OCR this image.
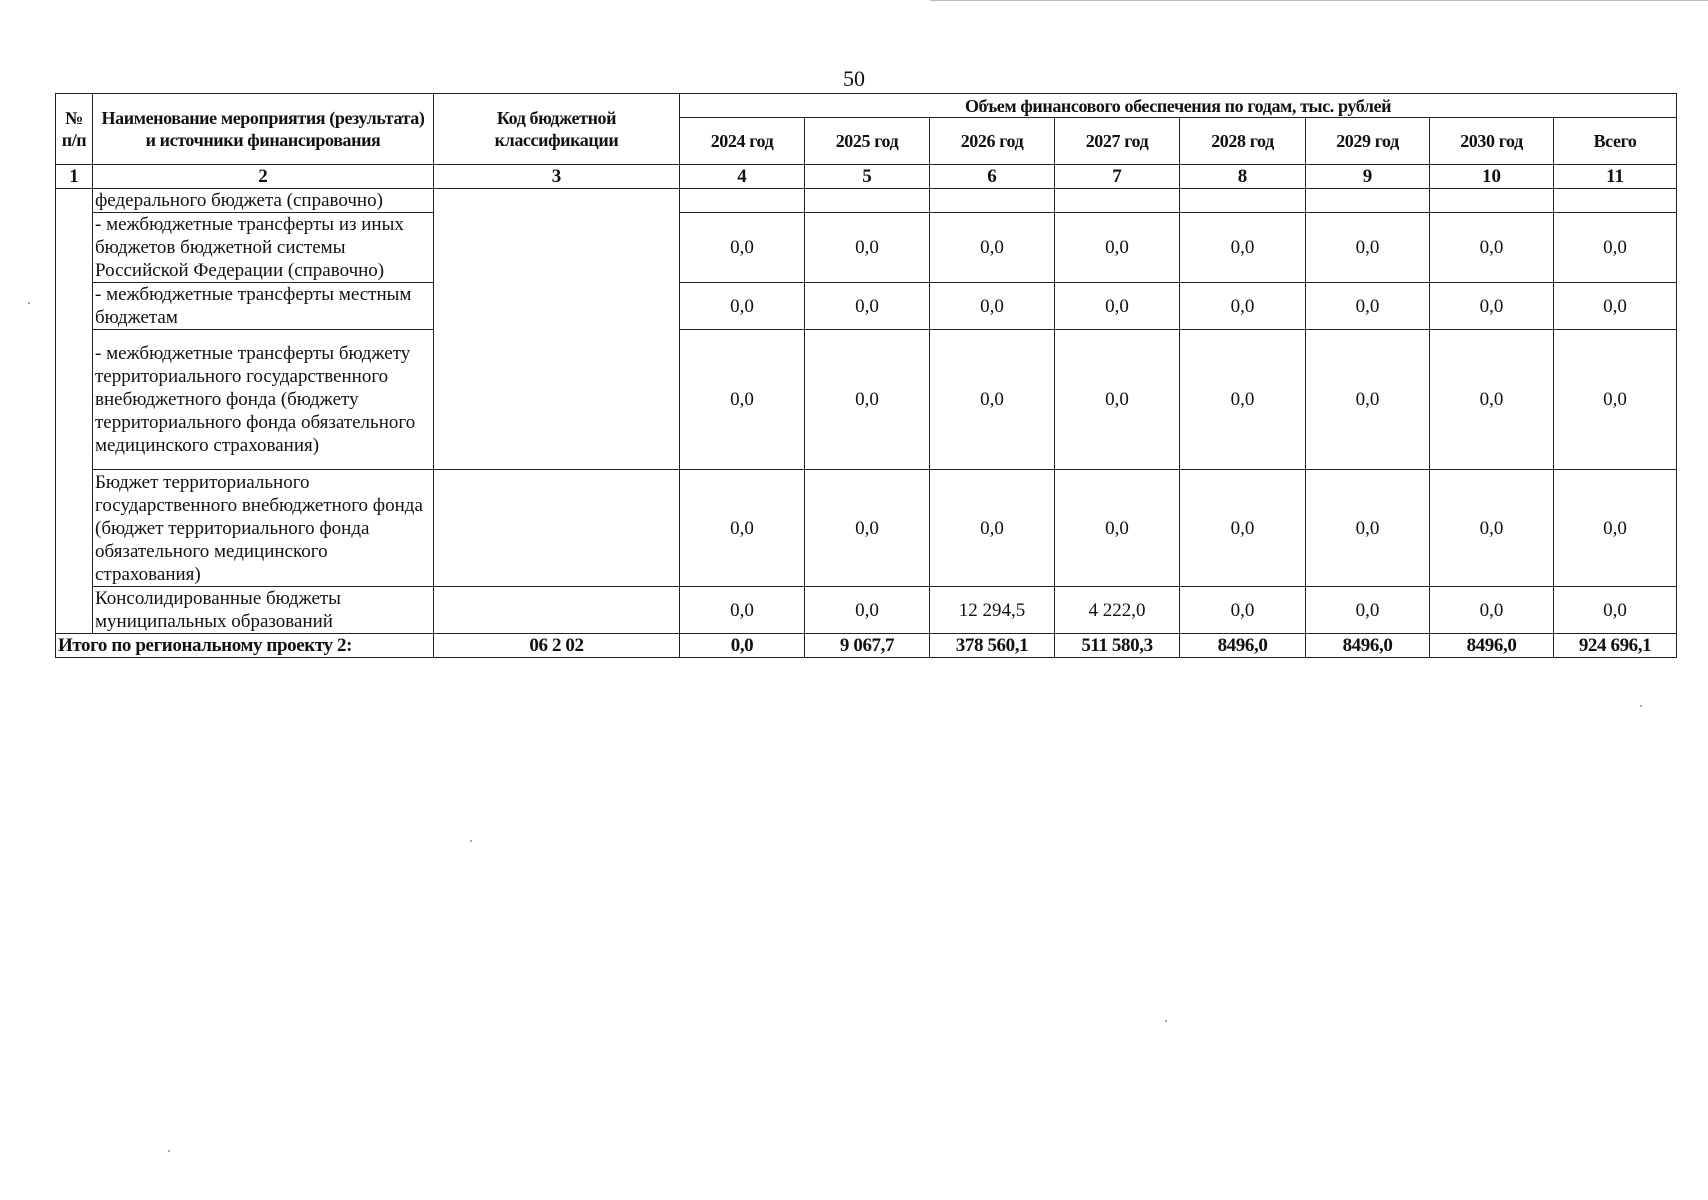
50
№ п/п	Наименование мероприятия (результата) и источники финансирования	Код бюджетной классификации	Объем финансового обеспечения по годам, тыс. рублей							
			2024 год	2025 год	2026 год	2027 год	2028 год	2029 год	2030 год	Всего
1	2	3	4	5	6	7	8	9	10	11
	федерального бюджета (справочно)									
	- межбюджетные трансферты из иных бюджетов бюджетной системы Российской Федерации (справочно)		0,0	0,0	0,0	0,0	0,0	0,0	0,0	0,0
	- межбюджетные трансферты местным бюджетам		0,0	0,0	0,0	0,0	0,0	0,0	0,0	0,0
	- межбюджетные трансферты бюджету территориального государственного внебюджетного фонда (бюджету территориального фонда обязательного медицинского страхования)		0,0	0,0	0,0	0,0	0,0	0,0	0,0	0,0
	Бюджет территориального государственного внебюджетного фонда (бюджет территориального фонда обязательного медицинского страхования)		0,0	0,0	0,0	0,0	0,0	0,0	0,0	0,0
	Консолидированные бюджеты муниципальных образований		0,0	0,0	12 294,5	4 222,0	0,0	0,0	0,0	0,0
Итого по региональному проекту 2:		06 2 02	0,0	9 067,7	378 560,1	511 580,3	8496,0	8496,0	8496,0	924 696,1
